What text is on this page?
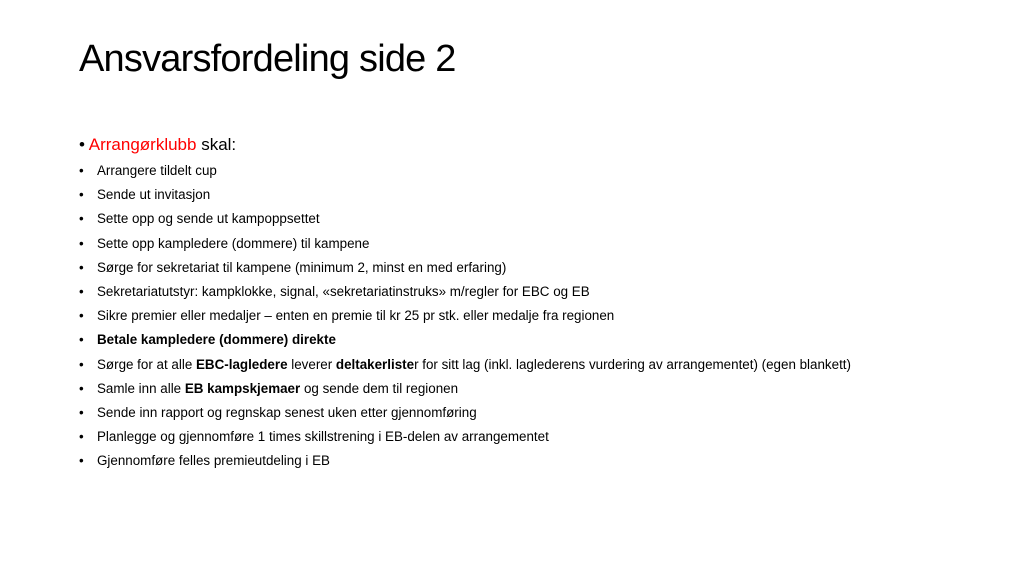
Ansvarsfordeling side 2
• Arrangørklubb skal:
• Arrangere tildelt cup
• Sende ut invitasjon
• Sette opp og sende ut kampoppsettet
• Sette opp kampledere (dommere) til kampene
• Sørge for sekretariat til kampene (minimum 2, minst en med erfaring)
• Sekretariatutstyr: kampklokke, signal, «sekretariatinstruks» m/regler for EBC og EB
• Sikre premier eller medaljer – enten en premie til kr 25 pr stk. eller medalje fra regionen
• Betale kampledere (dommere) direkte
• Sørge for at alle EBC-lagledere leverer deltakerlister for sitt lag (inkl. laglederens vurdering av arrangementet) (egen blankett)
• Samle inn alle EB kampskjemaer og sende dem til regionen
• Sende inn rapport og regnskap senest uken etter gjennomføring
• Planlegge og gjennomføre 1 times skillstrening i EB-delen av arrangementet
• Gjennomføre felles premieutdeling i EB
